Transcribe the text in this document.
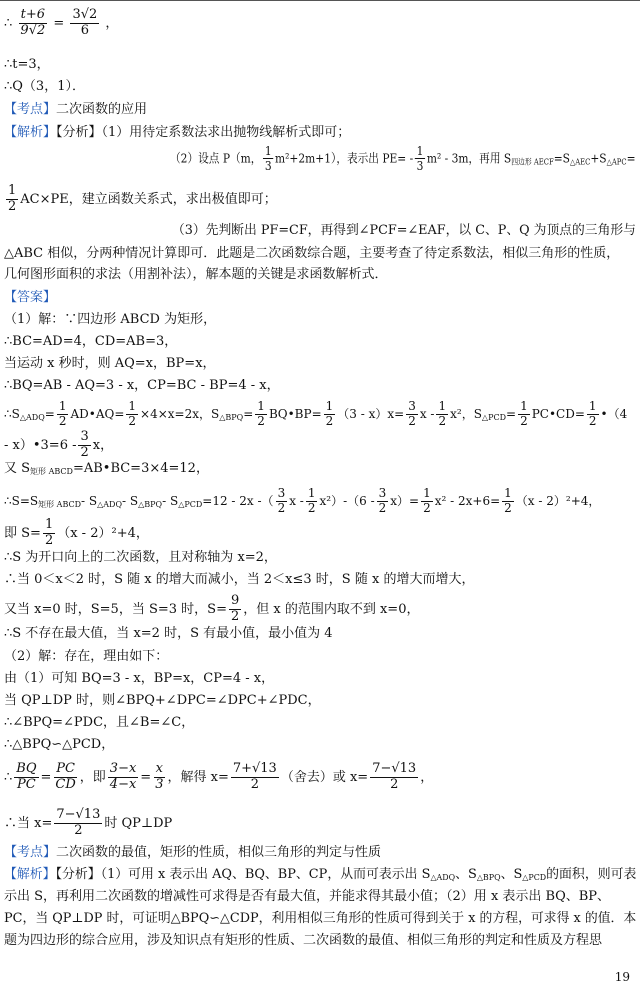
∴ $\frac{t+6}{9√2} = \frac{3√2}{6}$ ，
∴t=3，
∴Q（3，1）．
【考点】二次函数的应用
【解析】【分析】（1）用待定系数法求出抛物线解析式即可；
（2）设点 P（m， $\frac{1}{3} m^2+2m+1$），表示出 $PE= - \frac{1}{3} m^2 - 3m$，再用 $S_{四边形 AECF}=S_{\triangle AEC}+S_{\triangle APC}=$
$\frac{1}{2} AC\times PE$，建立函数关系式，求出极值即可；
（3）先判断出 PF=CF，再得到∠PCF=∠EAF，以 C、P、Q 为顶点的三角形与
△ABC 相似，分两种情况计算即可．此题是二次函数综合题，主要考查了待定系数法，相似三角形的性质，
几何图形面积的求法（用割补法），解本题的关键是求函数解析式．
【答案】
（1）解：∵四边形 ABCD 为矩形，
∴BC=AD=4，CD=AB=3，
当运动 x 秒时，则 AQ=x，BP=x，
∴BQ=AB - AQ=3 - x，CP=BC - BP=4 - x，
$\therefore S_{\triangle ADQ}= \frac{1}{2}$ AD•AQ= $\frac{1}{2} \times 4\times x=2x$，$S_{\triangle BPQ}= \frac{1}{2}$ BQ•BP= $\frac{1}{2} (3 - x)x= \frac{3}{2}$ x - $\frac{1}{2} x^2$，$S_{\triangle PCD}= \frac{1}{2}$ PC•CD= $\frac{1}{2}$ •（4
- x）•3=6 - $\frac{3}{2}$ x，
又 $S_{矩形 ABCD}=AB•BC=3\times 4=12$，
$\therefore S=S_{矩形 ABCD}-$ $S_{\triangle ADQ}-$ $S_{\triangle BPQ}-$ $S_{\triangle PCD}=12 - 2x$ -（ $\frac{3}{2}$ $x - \frac{1}{2} x^2)-(6 - \frac{3}{2} x)= \frac{1}{2} x^2 - 2x+6= \frac{1}{2} (x - 2)^2+4$，
即 $S= \frac{1}{2} (x - 2)^2+4$，
∴S 为开口向上的二次函数，且对称轴为 x=2，
∴当 0＜x＜2 时，S 随 x 的增大而减小，当 2＜x≤3 时，S 随 x 的增大而增大，
又当 x=0 时，S=5，当 S=3 时，$S= \frac{9}{2}$ ，但 x 的范围内取不到 x=0，
∴S 不存在最大值，当 x=2 时，S 有最小值，最小值为 4
（2）解：存在，理由如下：
由（1）可知 BQ=3 - x，BP=x，CP=4 - x，
当 QP⊥DP 时，则∠BPQ+∠DPC=∠DPC+∠PDC，
∴∠BPQ=∠PDC，且∠B=∠C，
∴△BPQ∽△PCD，
∴ $\frac{BQ}{PC} = \frac{PC}{CD}$ ，即 $\frac{3-x}{4-x} = \frac{x}{3}$ ，解得 $x= \frac{7+√13}{2}$ （舍去）或 $x= \frac{7-√13}{2}$ ，
∴当 $x= \frac{7-√13}{2}$ 时 QP⊥DP
【考点】二次函数的最值，矩形的性质，相似三角形的判定与性质
【解析】【分析】（1）可用 x 表示出 AQ、BQ、BP、CP，从而可表示出 $S_{\triangle ADQ}$、$S_{\triangle BPQ}$、$S_{\triangle PCD}$的面积，则可表
示出 S，再利用二次函数的增减性可求得是否有最大值，并能求得其最小值；（2）用 x 表示出 BQ、BP、
PC，当 QP⊥DP 时，可证明△BPQ∽△CDP，利用相似三角形的性质可得到关于 x 的方程，可求得 x 的值．本
题为四边形的综合应用，涉及知识点有矩形的性质、二次函数的最值、相似三角形的判定和性质及方程思
19
